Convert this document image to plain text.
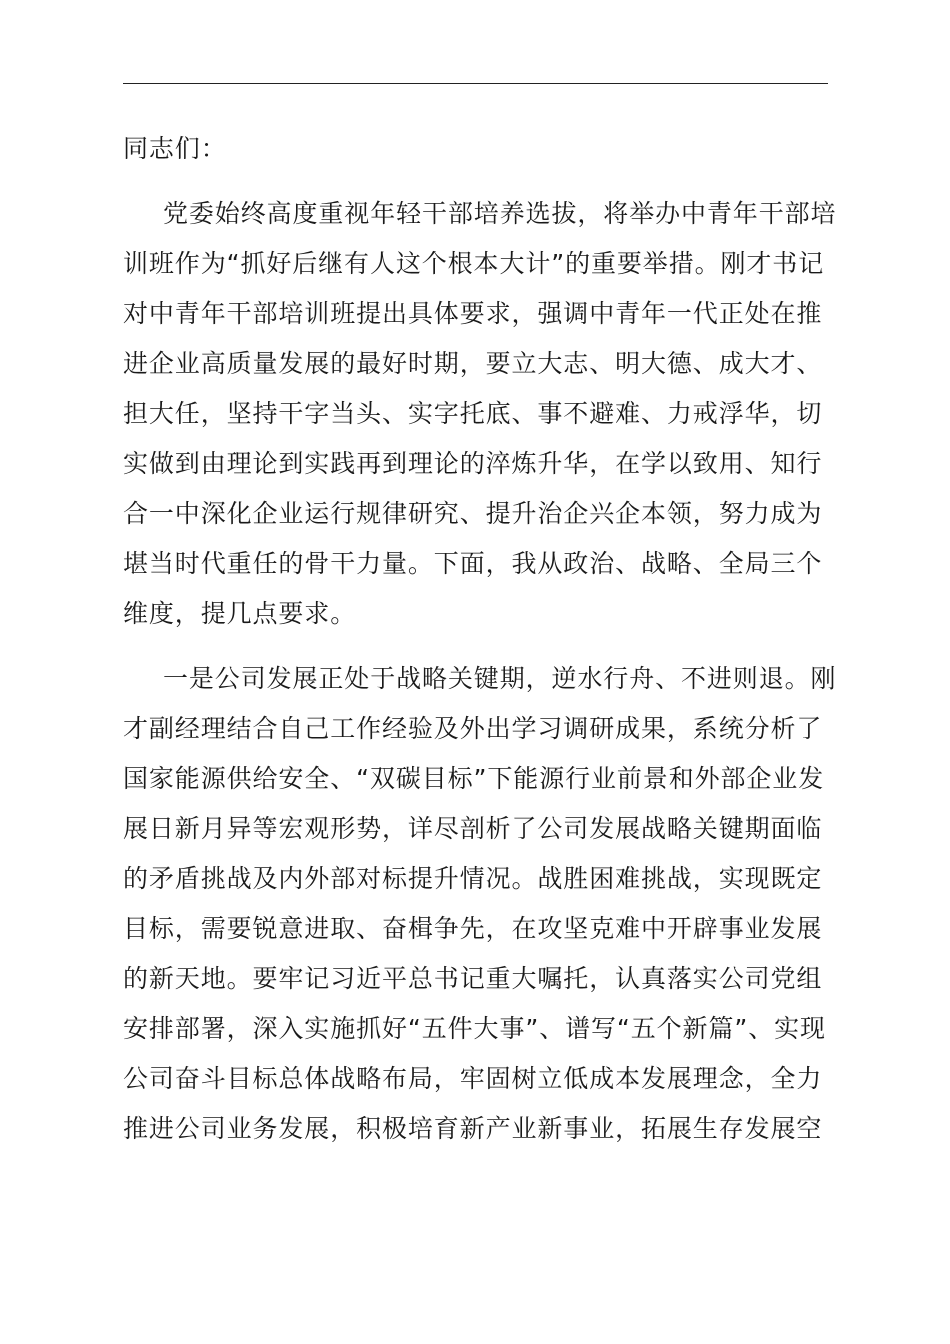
同志们：
党委始终高度重视年轻干部培养选拔，将举办中青年干部培
训班作为“抓好后继有人这个根本大计”的重要举措。刚才书记
对中青年干部培训班提出具体要求，强调中青年一代正处在推
进企业高质量发展的最好时期，要立大志、明大德、成大才、
担大任，坚持干字当头、实字托底、事不避难、力戒浮华，切
实做到由理论到实践再到理论的淬炼升华，在学以致用、知行
合一中深化企业运行规律研究、提升治企兴企本领，努力成为
堪当时代重任的骨干力量。下面，我从政治、战略、全局三个
维度，提几点要求。
一是公司发展正处于战略关键期，逆水行舟、不进则退。刚
才副经理结合自己工作经验及外出学习调研成果，系统分析了
国家能源供给安全、“双碳目标”下能源行业前景和外部企业发
展日新月异等宏观形势，详尽剖析了公司发展战略关键期面临
的矛盾挑战及内外部对标提升情况。战胜困难挑战，实现既定
目标，需要锐意进取、奋楫争先，在攻坚克难中开辟事业发展
的新天地。要牢记习近平总书记重大嘱托，认真落实公司党组
安排部署，深入实施抓好“五件大事”、谱写“五个新篇”、实现
公司奋斗目标总体战略布局，牢固树立低成本发展理念，全力
推进公司业务发展，积极培育新产业新事业，拓展生存发展空
